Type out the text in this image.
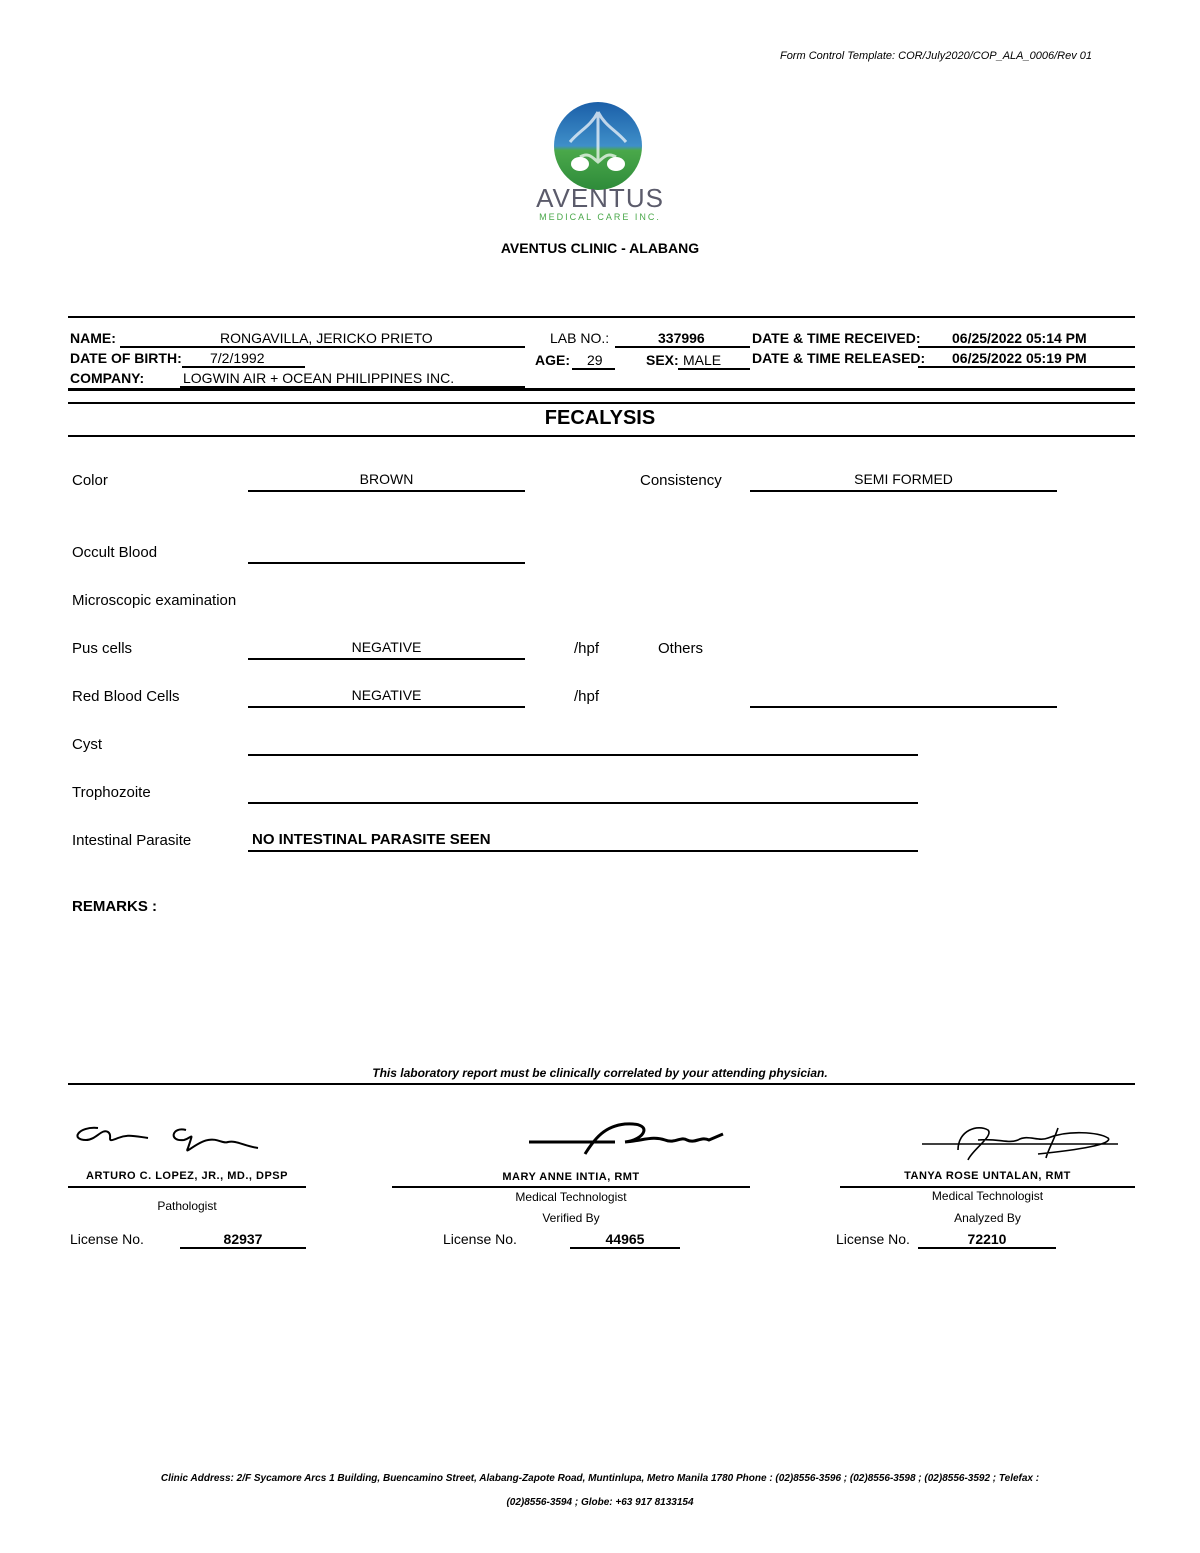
Form Control Template: COR/July2020/COP_ALA_0006/Rev 01
AVENTUS
MEDICAL CARE INC.
AVENTUS CLINIC - ALABANG
NAME:	RONGAVILLA, JERICKO PRIETO
DATE OF BIRTH: 7/2/1992
COMPANY:	LOGWIN AIR + OCEAN PHILIPPINES INC.
LAB NO.:	337996
AGE: 29	SEX: MALE
DATE & TIME RECEIVED: 06/25/2022 05:14 PM
DATE & TIME RELEASED: 06/25/2022 05:19 PM
FECALYSIS
Color	BROWN	Consistency	SEMI FORMED
Occult Blood
Microscopic examination
Pus cells	NEGATIVE	/hpf	Others
Red Blood Cells	NEGATIVE	/hpf
Cyst
Trophozoite
Intestinal Parasite	NO INTESTINAL PARASITE SEEN
REMARKS :
This laboratory report must be clinically correlated by your attending physician.
ARTURO C. LOPEZ, JR., MD., DPSP
Pathologist
License No.	82937
MARY ANNE INTIA, RMT
Medical Technologist
Verified By
License No.	44965
TANYA ROSE UNTALAN, RMT
Medical Technologist
Analyzed By
License No.	72210
Clinic Address: 2/F Sycamore Arcs 1 Building, Buencamino Street, Alabang-Zapote Road, Muntinlupa, Metro Manila 1780 Phone : (02)8556-3596 ; (02)8556-3598 ; (02)8556-3592 ; Telefax :
(02)8556-3594 ; Globe: +63 917 8133154
